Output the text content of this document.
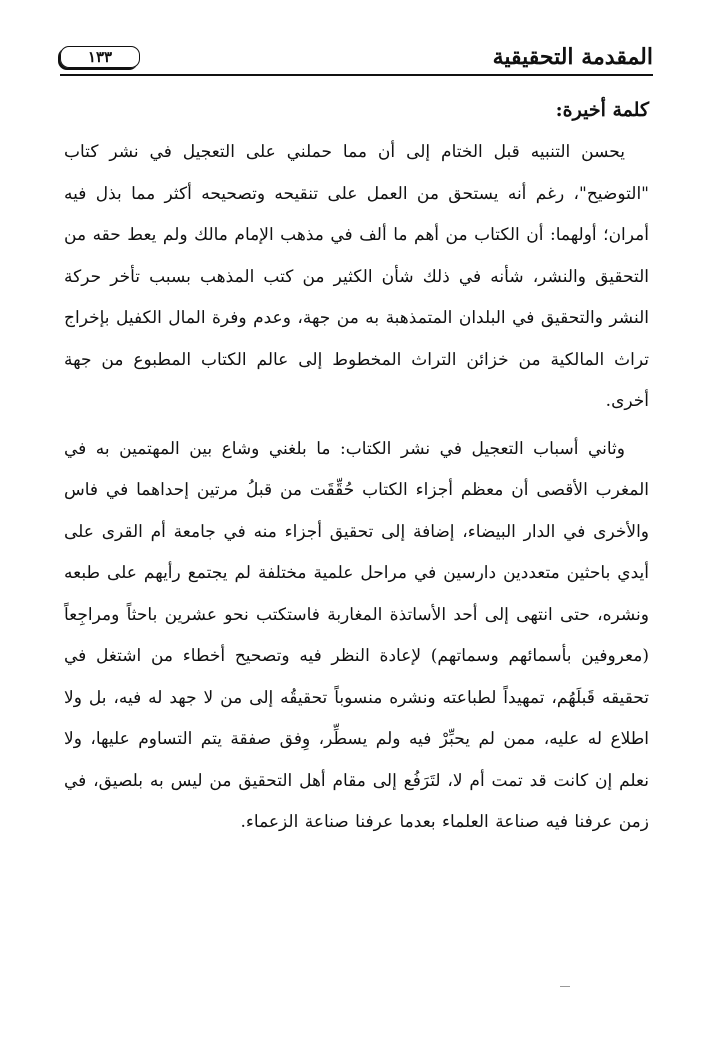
المقدمة التحقيقية
١٣٣
كلمة أخيرة:

يحسن التنبيه قبل الختام إلى أن مما حملني على التعجيل في نشر كتاب "التوضيح"، رغم أنه يستحق من العمل على تنقيحه وتصحيحه أكثر مما بذل فيه أمران؛ أولهما: أن الكتاب من أهم ما ألف في مذهب الإمام مالك ولم يعط حقه من التحقيق والنشر، شأنه في ذلك شأن الكثير من كتب المذهب بسبب تأخر حركة النشر والتحقيق في البلدان المتمذهبة به من جهة، وعدم وفرة المال الكفيل بإخراج تراث المالكية من خزائن التراث المخطوط إلى عالم الكتاب المطبوع من جهة أخرى.

وثاني أسباب التعجيل في نشر الكتاب: ما بلغني وشاع بين المهتمين به في المغرب الأقصى أن معظم أجزاء الكتاب حُقِّقَت من قبلُ مرتين إحداهما في فاس والأخرى في الدار البيضاء، إضافة إلى تحقيق أجزاء منه في جامعة أم القرى على أيدي باحثين متعددين دارسين في مراحل علمية مختلفة لم يجتمع رأيهم على طبعه ونشره، حتى انتهى إلى أحد الأساتذة المغاربة فاستكتب نحو عشرين باحثاً ومراجِعاً (معروفين بأسمائهم وسماتهم) لإعادة النظر فيه وتصحيح أخطاء من اشتغل في تحقيقه قَبلَهُم، تمهيداً لطباعته ونشره منسوباً تحقيقُه إلى من لا جهد له فيه، بل ولا اطلاع له عليه، ممن لم يحبِّرْ فيه ولم يسطِّر، وِفق صفقة يتم التساوم عليها، ولا نعلم إن كانت قد تمت أم لا، لتَرَفُع إلى مقام أهل التحقيق من ليس به بلصيق، في زمن عرفنا فيه صناعة العلماء بعدما عرفنا صناعة الزعماء.
